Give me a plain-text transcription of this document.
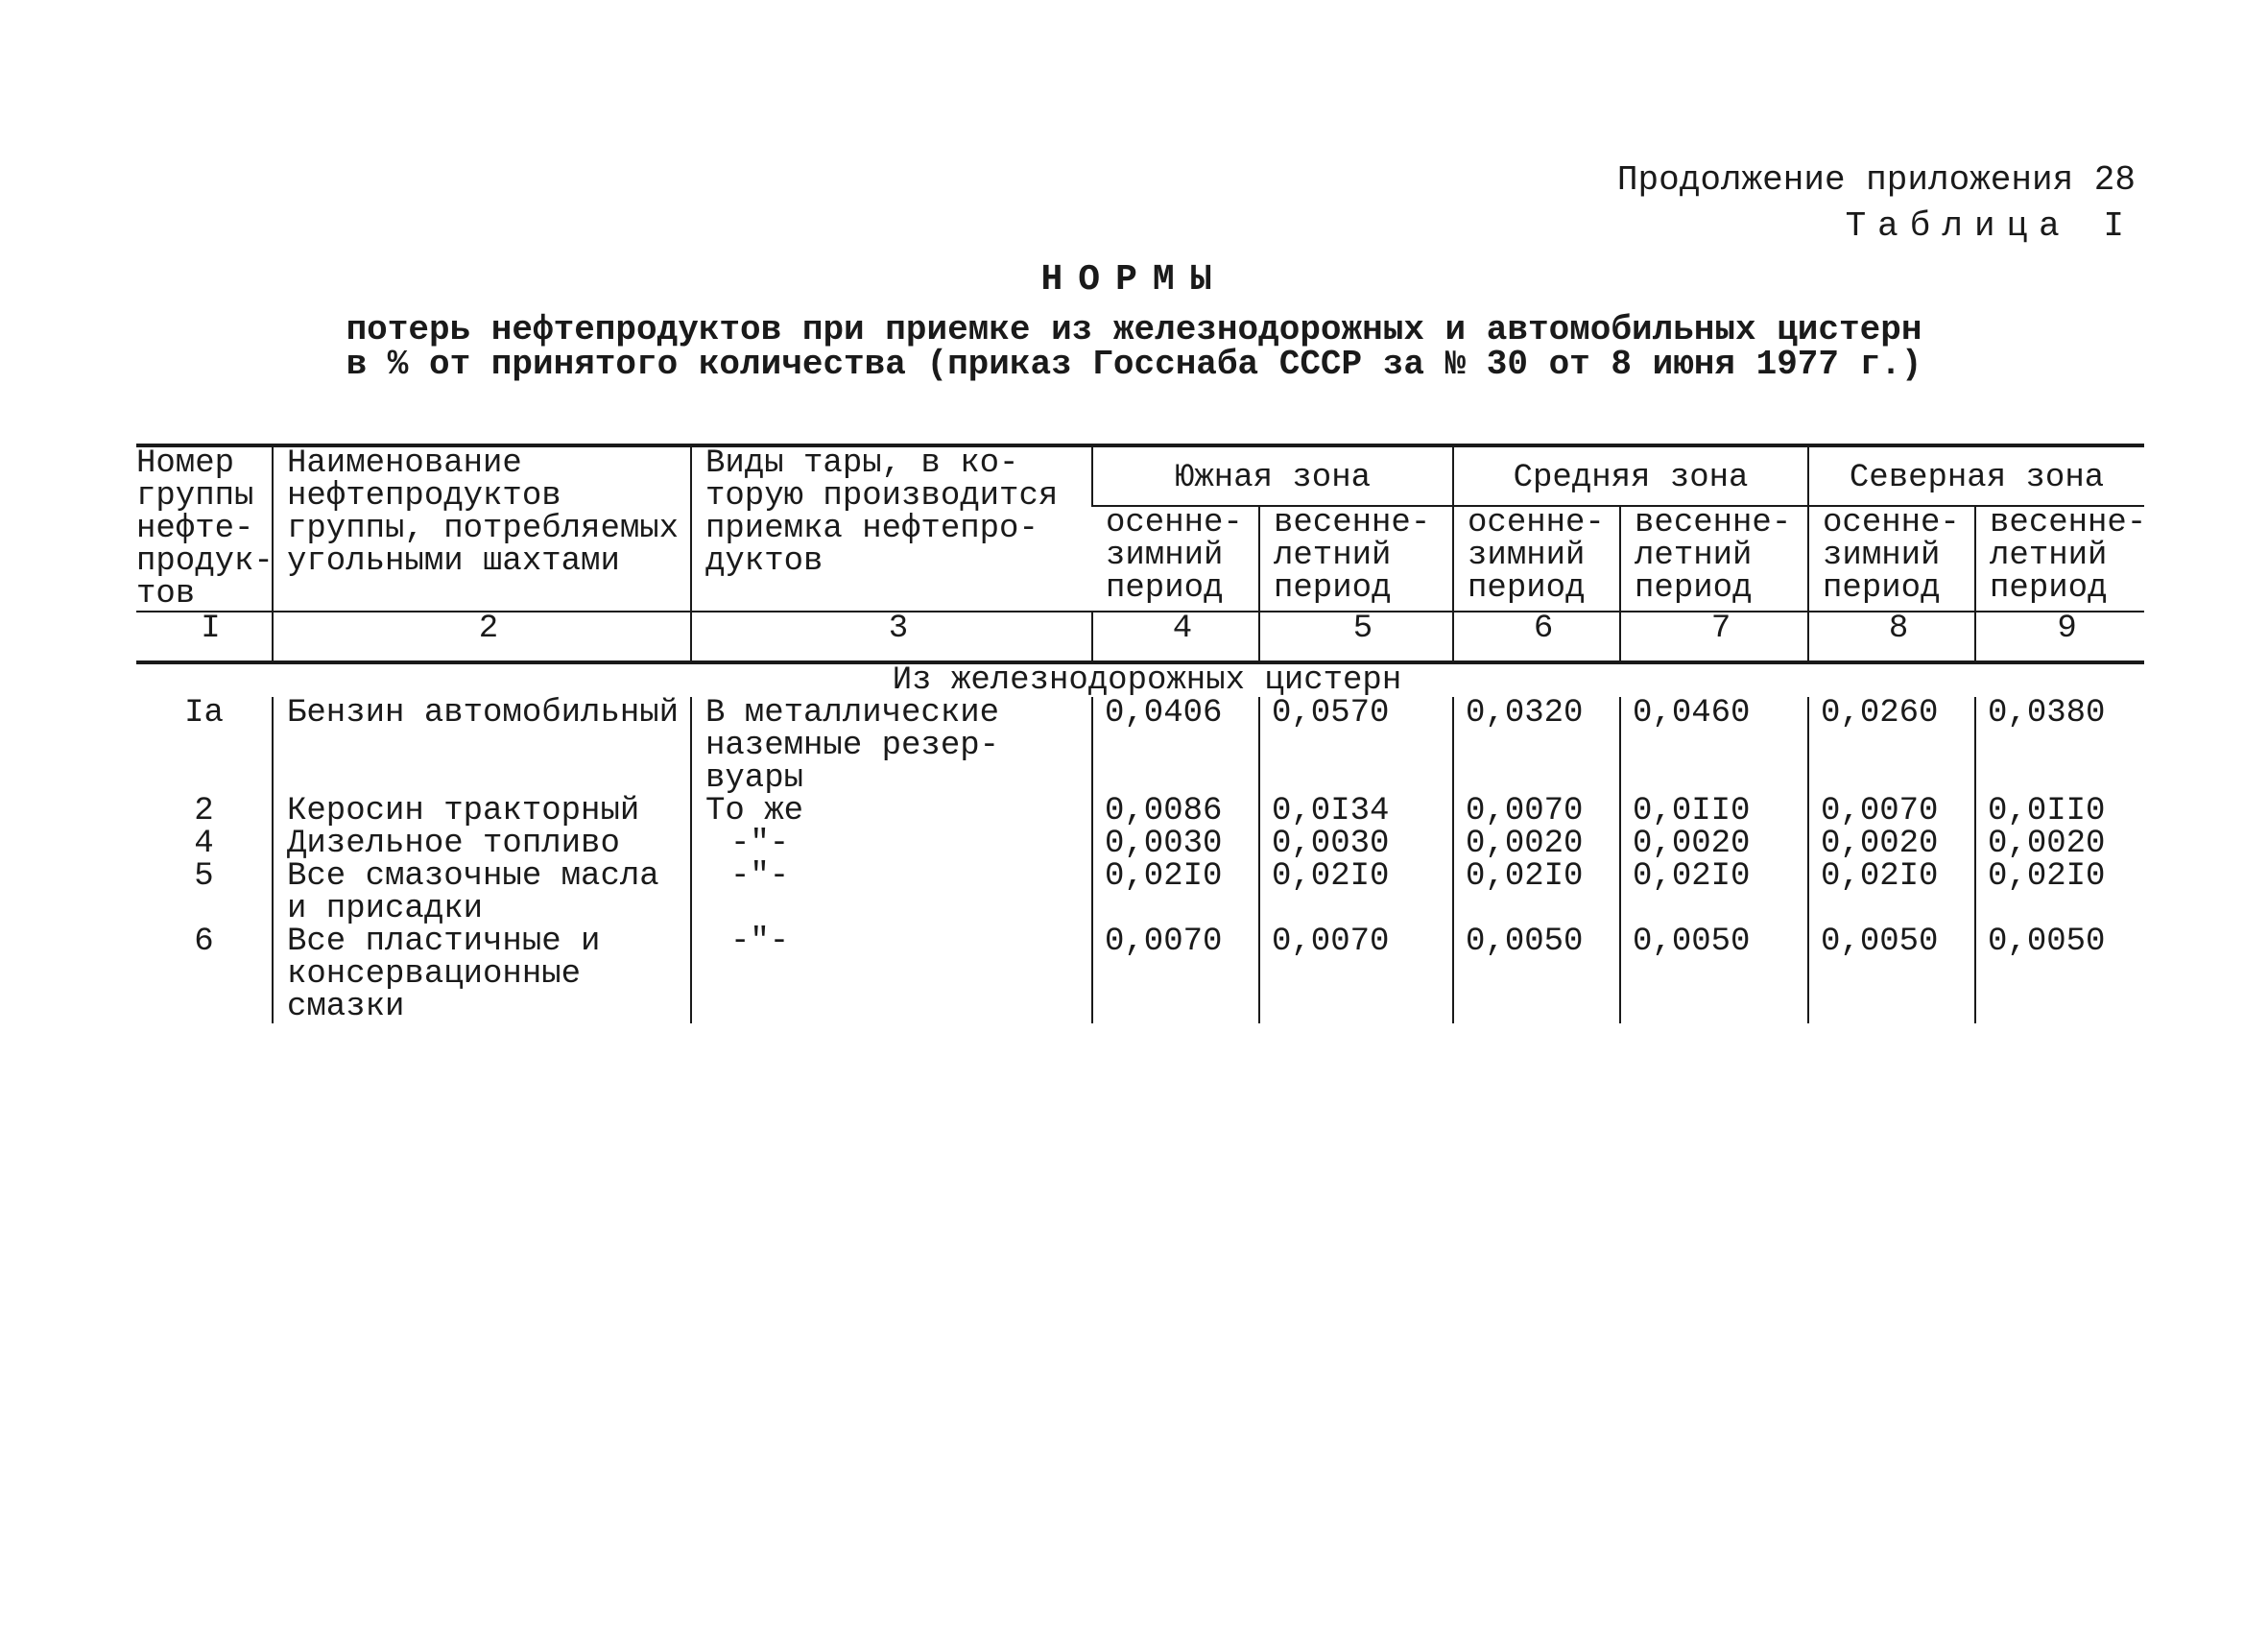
Продолжение приложения 28
Таблица I
НОРМЫ
потерь нефтепродуктов при приемке из железнодорожных и автомобильных цистерн
в % от принятого количества (приказ Госснаба СССР за № 30 от 8 июня 1977 г.)
Номер группы нефте-продук-тов	Наименование нефтепродуктов группы, потребляемых угольными шахтами	Виды тары, в ко-торую производится приемка нефтепро-дуктов	Южная зона		Средняя зона		Северная зона	
			осенне-зимний период	весенне-летний период	осенне-зимний период	весенне-летний период	осенне-зимний период	весенне-летний период
I	2	3	4	5	6	7	8	9
Из железнодорожных цистерн								
Ia	Бензин автомобильный	В металлические наземные резер-вуары	0,0406	0,0570	0,0320	0,0460	0,0260	0,0380
2	Керосин тракторный	То же	0,0086	0,0I34	0,0070	0,0II0	0,0070	0,0II0
4	Дизельное топливо	-"-	0,0030	0,0030	0,0020	0,0020	0,0020	0,0020
5	Все смазочные масла и присадки	-"-	0,02I0	0,02I0	0,02I0	0,02I0	0,02I0	0,02I0
6	Все пластичные и консервационные смазки	-"-	0,0070	0,0070	0,0050	0,0050	0,0050	0,0050
